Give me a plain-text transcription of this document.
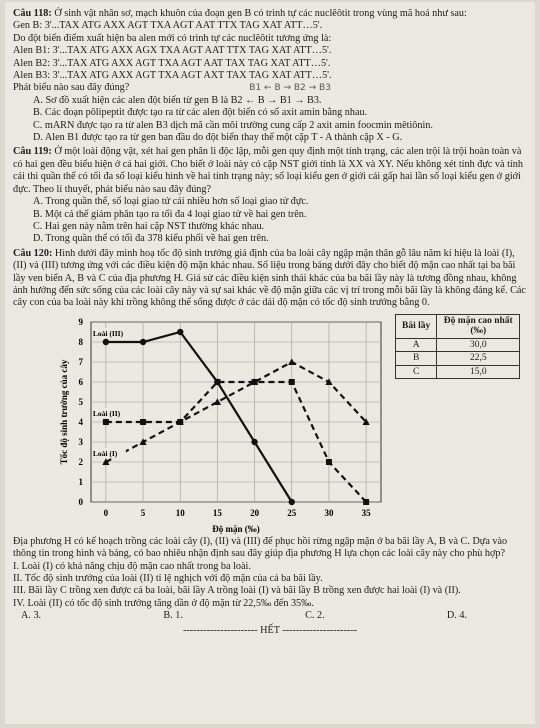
Câu 118: Ở sinh vật nhân sơ, mạch khuôn của đoạn gen B có trình tự các nuclêôtit trong vùng mã hoá như sau:

Gen B: 3'...TAX ATG AXX AGT TXA AGT AAT TTX TAG XAT ATT…5'.

Do đột biến điểm xuất hiện ba alen mới có trình tự các nuclêôtit tương ứng là:

Alen B1: 3'...TAX ATG AXX AGX TXA AGT AAT TTX TAG XAT ATT…5'.

Alen B2: 3'...TAX ATG AXX AGT TXA AGT AAT TAX TAG XAT ATT…5'.

Alen B3: 3'...TAX ATG AXX AGT TXA AGT AXT TAX TAG XAT ATT…5'.

Phát biểu nào sau đây đúng?	B1 ← B → B2 → B3

A. Sơ đồ xuất hiện các alen đột biến từ gen B là B2 ← B → B1 → B3.

B. Các đoạn pôlipeptit được tạo ra từ các alen đột biến có số axit amin bằng nhau.

C. mARN được tạo ra từ alen B3 dịch mã cần môi trường cung cấp 2 axit amin foocmin mêtiônin.

D. Alen B1 được tạo ra từ gen ban đầu do đột biến thay thế một cặp T - A thành cặp X - G.

Câu 119: Ở một loài động vật, xét hai gen phân li độc lập, mỗi gen quy định một tính trạng, các alen trội là trội hoàn toàn và có hai gen đều biểu hiện ở cả hai giới. Cho biết ở loài này có cặp NST giới tính là XX và XY. Nếu không xét tính đực và tính cái thì quần thể có tối đa số loại kiểu hình về hai tính trạng này; số loại kiểu gen ở giới cái gấp hai lần số loại kiểu gen ở giới đực. Theo lí thuyết, phát biểu nào sau đây đúng?

A. Trong quần thể, số loại giao tử cái nhiều hơn số loại giao tử đực.

B. Một cá thể giảm phân tạo ra tối đa 4 loại giao tử về hai gen trên.

C. Hai gen này nằm trên hai cặp NST thường khác nhau.

D. Trong quần thể có tối đa 378 kiểu phối về hai gen trên.

Câu 120: Hình dưới đây minh hoạ tốc độ sinh trưởng giả định của ba loài cây ngập mặn thân gỗ lâu năm kí hiệu là loài (I), (II) và (III) tương ứng với các điều kiện độ mặn khác nhau. Số liệu trong bảng dưới đây cho biết độ mặn cao nhất tại ba bãi lầy ven biển A, B và C của địa phương H. Giả sử các điều kiện sinh thái khác của ba bãi lầy này là tương đồng nhau, không ảnh hưởng đến sức sống của các loài cây này và sự sai khác về độ mặn giữa các vị trí trong mỗi bãi lầy là không đáng kể. Các cây con của ba loài này khi trồng không thể sống được ở các dải độ mặn có tốc độ sinh trưởng bằng 0.

0
1
2
3
4
5
6
7
8
9
0	5	10	15	20	25	30	35
Độ mặn (‰)
Tốc độ sinh trưởng của cây
Loài (III)
Loài (II)
Loài (I)
Bãi lầy	Độ mặn cao nhất (‰)
A	30,0
B	22,5
C	15,0

Địa phương H có kế hoạch trồng các loài cây (I), (II) và (III) để phục hồi rừng ngập mặn ở ba bãi lầy A, B và C. Dựa vào thông tin trong hình và bảng, có bao nhiêu nhận định sau đây giúp địa phương H lựa chọn các loài cây này cho phù hợp?

I. Loài (I) có khả năng chịu độ mặn cao nhất trong ba loài.

II. Tốc độ sinh trưởng của loài (II) tỉ lệ nghịch với độ mặn của cả ba bãi lầy.

III. Bãi lầy C trồng xen được cả ba loài, bãi lầy A trồng loài (I) và bãi lầy B trồng xen được hai loài (I) và (II).

IV. Loài (II) có tốc độ sinh trưởng tăng dần ở độ mặn từ 22,5‰ đến 35‰.

A. 3.	B. 1.	C. 2.	D. 4.

---------------------- HẾT ----------------------
